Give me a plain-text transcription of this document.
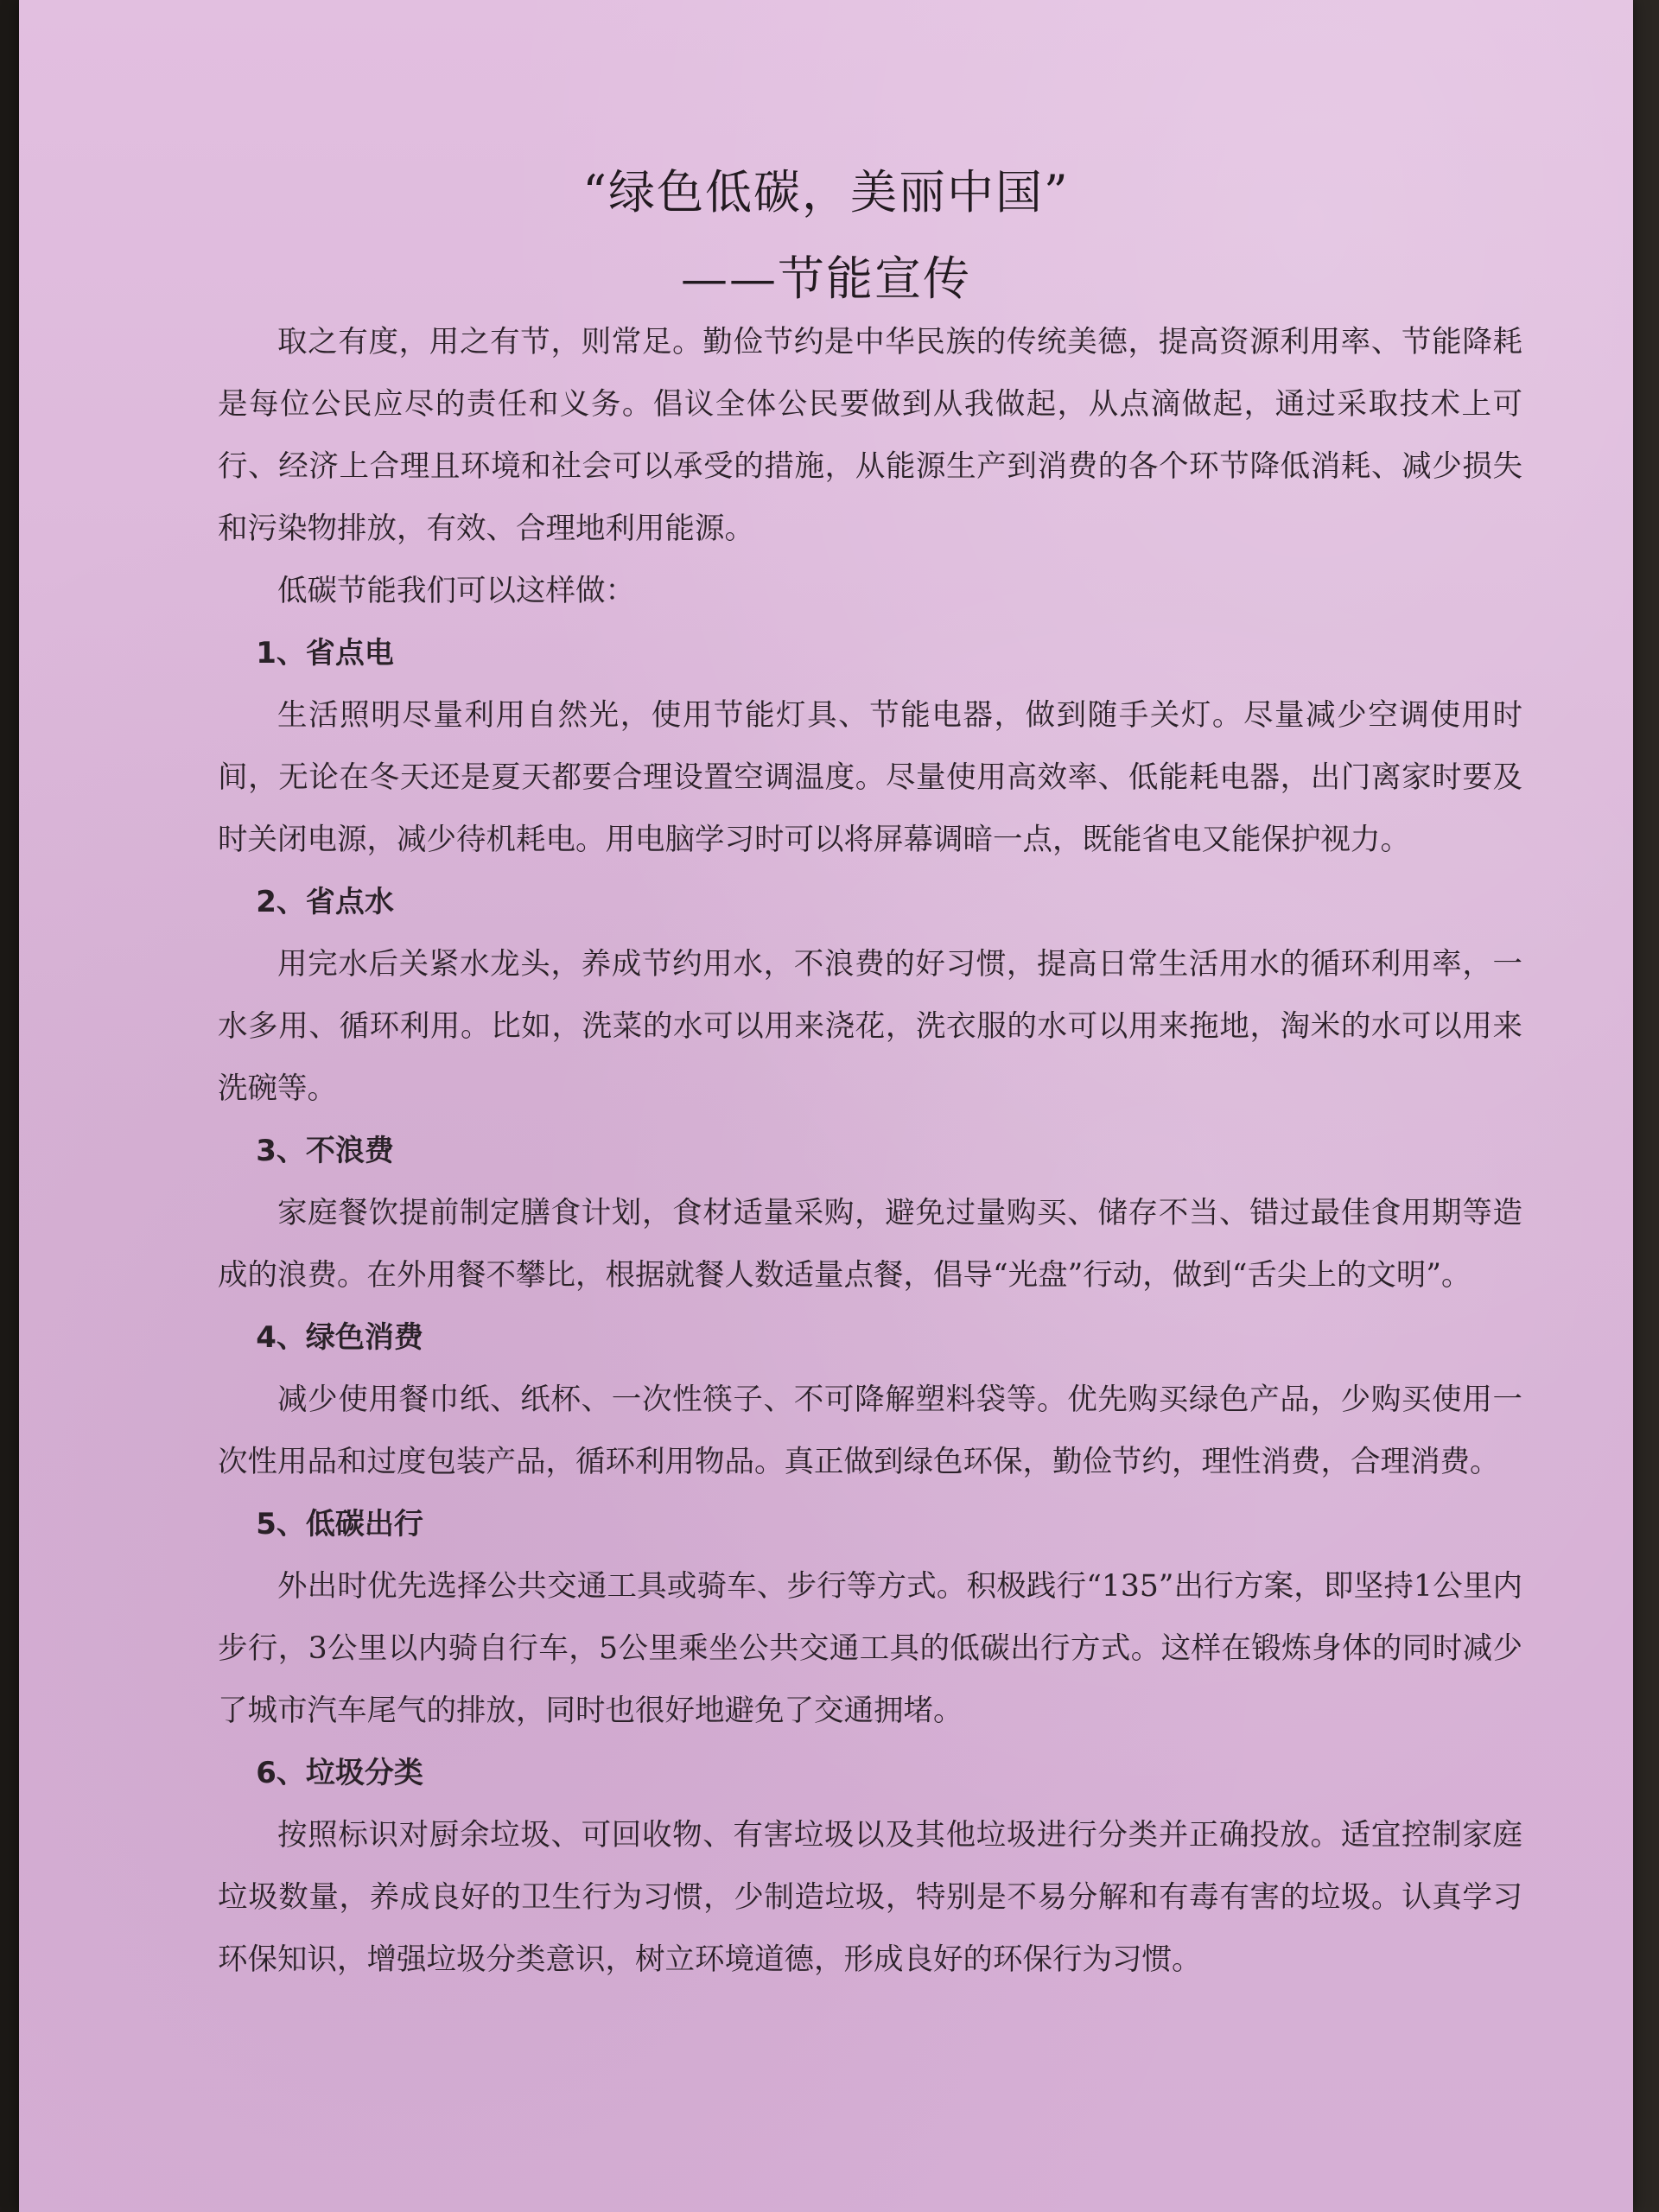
“绿色低碳，美丽中国”
——节能宣传

取之有度，用之有节，则常足。勤俭节约是中华民族的传统美德，提高资源利用率、节能降耗是每位公民应尽的责任和义务。倡议全体公民要做到从我做起，从点滴做起，通过采取技术上可行、经济上合理且环境和社会可以承受的措施，从能源生产到消费的各个环节降低消耗、减少损失和污染物排放，有效、合理地利用能源。

低碳节能我们可以这样做：

1、省点电

生活照明尽量利用自然光，使用节能灯具、节能电器，做到随手关灯。尽量减少空调使用时间，无论在冬天还是夏天都要合理设置空调温度。尽量使用高效率、低能耗电器，出门离家时要及时关闭电源，减少待机耗电。用电脑学习时可以将屏幕调暗一点，既能省电又能保护视力。

2、省点水

用完水后关紧水龙头，养成节约用水，不浪费的好习惯，提高日常生活用水的循环利用率，一水多用、循环利用。比如，洗菜的水可以用来浇花，洗衣服的水可以用来拖地，淘米的水可以用来洗碗等。

3、不浪费

家庭餐饮提前制定膳食计划，食材适量采购，避免过量购买、储存不当、错过最佳食用期等造成的浪费。在外用餐不攀比，根据就餐人数适量点餐，倡导“光盘”行动，做到“舌尖上的文明”。

4、绿色消费

减少使用餐巾纸、纸杯、一次性筷子、不可降解塑料袋等。优先购买绿色产品，少购买使用一次性用品和过度包装产品，循环利用物品。真正做到绿色环保，勤俭节约，理性消费，合理消费。

5、低碳出行

外出时优先选择公共交通工具或骑车、步行等方式。积极践行“135”出行方案，即坚持1公里内步行，3公里以内骑自行车，5公里乘坐公共交通工具的低碳出行方式。这样在锻炼身体的同时减少了城市汽车尾气的排放，同时也很好地避免了交通拥堵。

6、垃圾分类

按照标识对厨余垃圾、可回收物、有害垃圾以及其他垃圾进行分类并正确投放。适宜控制家庭垃圾数量，养成良好的卫生行为习惯，少制造垃圾，特别是不易分解和有毒有害的垃圾。认真学习环保知识，增强垃圾分类意识，树立环境道德，形成良好的环保行为习惯。
